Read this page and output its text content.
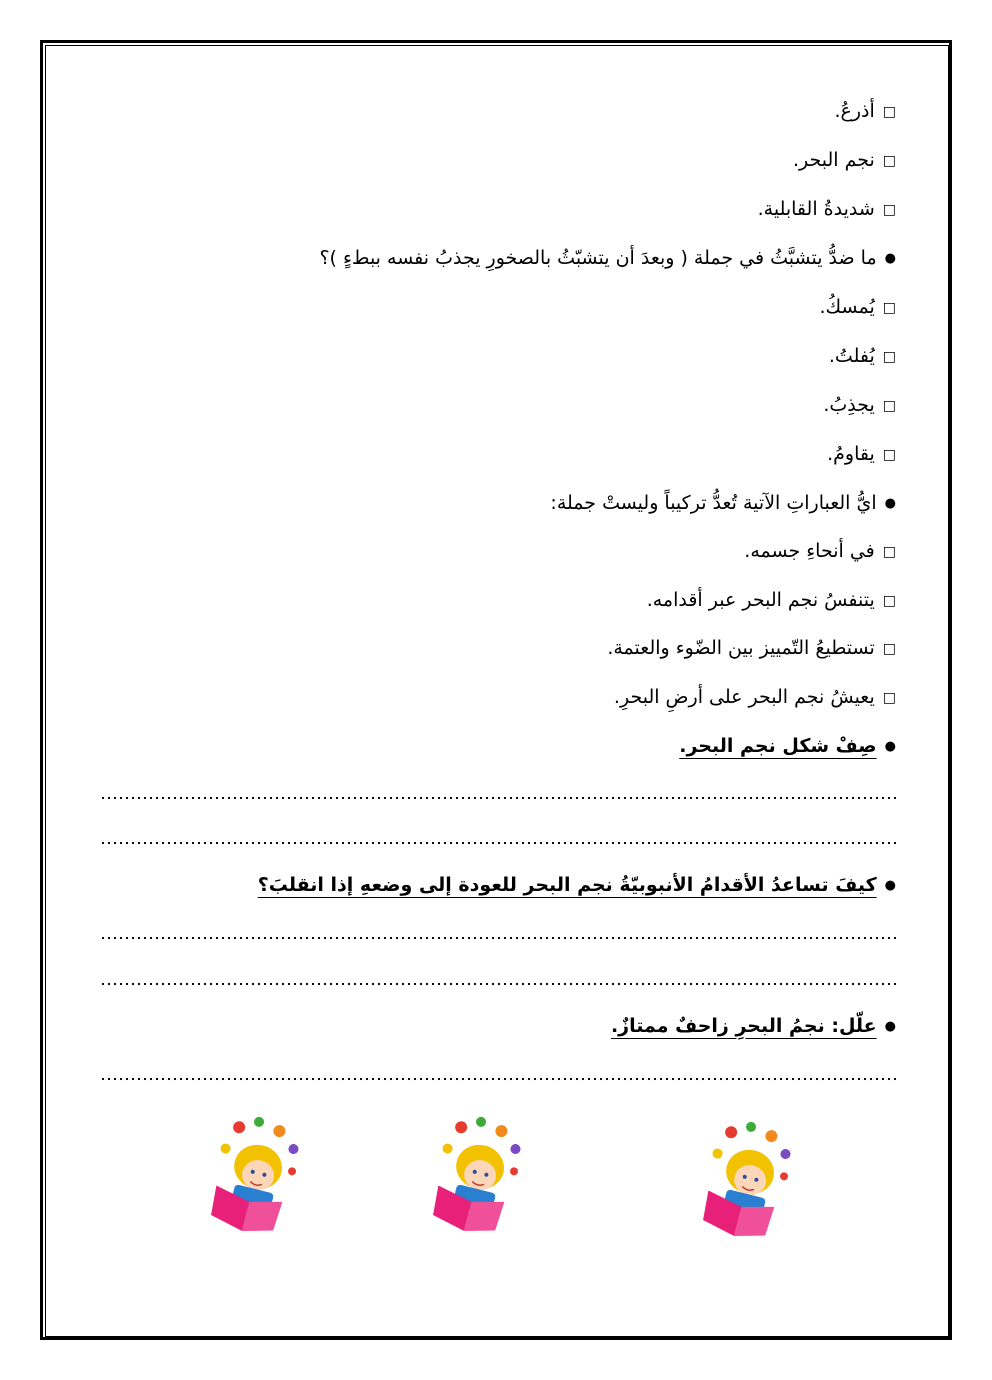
□أذرعُ.
□نجم البحر.
□شديدةُ القابلية.
●ما ضدُّ يتشبَّثُ في جملة ( وبعدَ أن يتشبّثُ بالصخورِ يجذبُ نفسه ببطءٍ )؟
□يُمسكُ.
□يُفلتُ.
□يجذِبُ.
□يقاومُ.
●ايُّ العباراتِ الآتية تُعدُّ تركيباً وليستْ جملة:
□في أنحاءِ جسمه.
□يتنفسُ نجم البحر عبر أقدامه.
□تستطيعُ التّمييز بين الضّوء والعتمة.
□يعيشُ نجم البحر على أرضِ البحرِ.
●صِفْ شكل نجم البحر.
●كيفَ تساعدُ الأقدامُ الأنبوبيّةُ نجم البحر للعودة إلى وضعهِ إذا انقلبَ؟
●علّل: نجمُ البحرِ زاحفٌ ممتازٌ.
